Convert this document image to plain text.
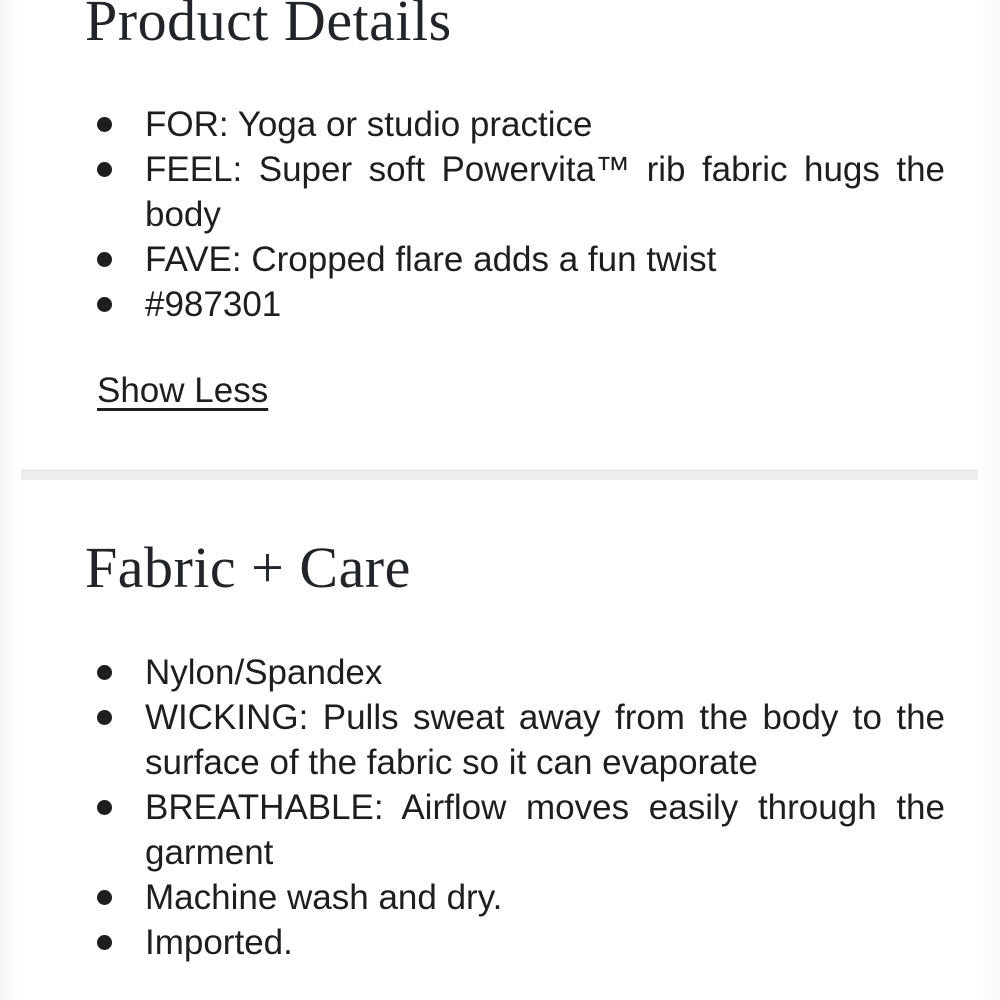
Product Details
FOR: Yoga or studio practice
FEEL: Super soft Powervita™ rib fabric hugs the body
FAVE: Cropped flare adds a fun twist
#987301
Show Less
Fabric + Care
Nylon/Spandex
WICKING: Pulls sweat away from the body to the surface of the fabric so it can evaporate
BREATHABLE: Airflow moves easily through the garment
Machine wash and dry.
Imported.
